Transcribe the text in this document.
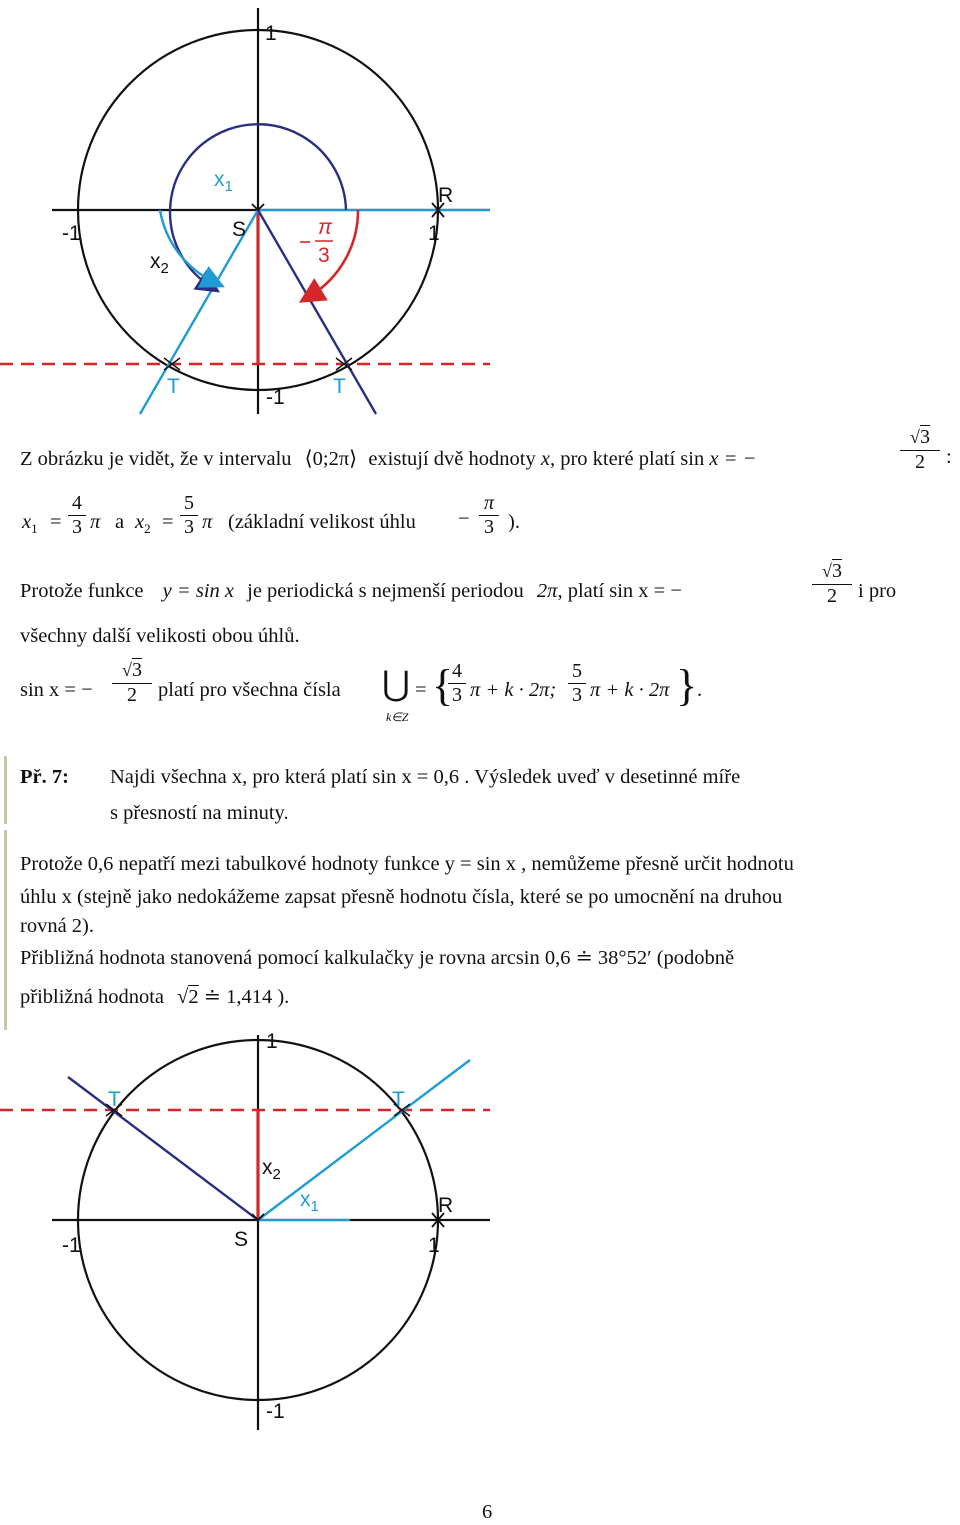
1
-1	1
-1
S
R
T	T
$x_1$
$x_2$
π
3
Z obrázku je vidět, že v intervalu ⟨0;2π⟩ existují dvě hodnoty x, pro které platí sin x = −
√3
2	:
$x_1$ =
4
3 π a $x_2$ =
5
3 π (základní velikost úhlu −
π
3 ).
Protože funkce y = sin x je periodická s nejmenší periodou 2π, platí sin x = −
√3
2	i pro
všechny další velikosti obou úhlů.
sin x = −
√3
2	platí pro všechna čísla ⋃
k∈Z
= {
4
3 π + k · 2π;
5
3 π + k · 2π } .
Př. 7: Najdi všechna x, pro která platí sin x = 0,6 . Výsledek uveď v desetinné míře
s přesností na minuty.
Protože 0,6 nepatří mezi tabulkové hodnoty funkce y = sin x , nemůžeme přesně určit hodnotu
úhlu x (stejně jako nedokážeme zapsat přesně hodnotu čísla, které se po umocnění na druhou
rovná 2).
Přibližná hodnota stanovená pomocí kalkulačky je rovna arcsin 0,6 ≐ 38°52′ (podobně
přibližná hodnota √2 ≐ 1,414 ).
1
-1	1
-1
S
R
T	T
$x_2$
$x_1$
6
